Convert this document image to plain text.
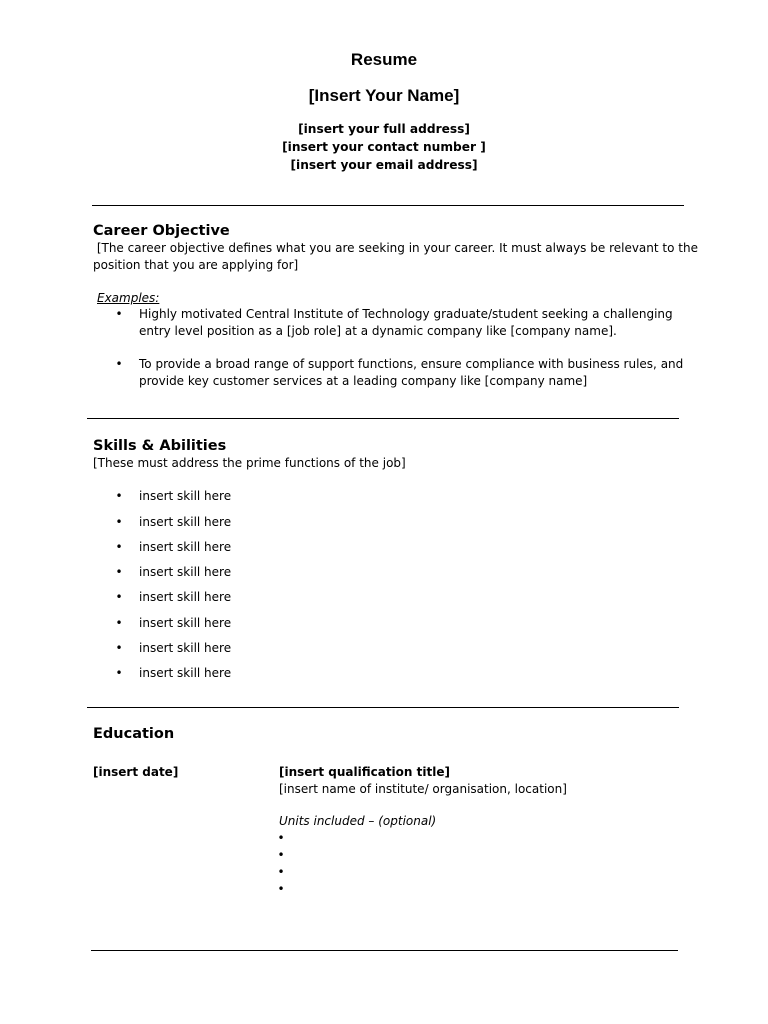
Resume
[Insert Your Name]
[insert your full address]
[insert your contact number ]
[insert your email address]
Career Objective
[The career objective defines what you are seeking in your career. It must always be relevant to the
position that you are applying for]
Examples:
• Highly motivated Central Institute of Technology graduate/student seeking a challenging
entry level position as a [job role] at a dynamic company like [company name].
• To provide a broad range of support functions, ensure compliance with business rules, and
provide key customer services at a leading company like [company name]
Skills & Abilities
[These must address the prime functions of the job]
• insert skill here
• insert skill here
• insert skill here
• insert skill here
• insert skill here
• insert skill here
• insert skill here
• insert skill here
Education
[insert date]	[insert qualification title]
[insert name of institute/ organisation, location]
Units included – (optional)
•
•
•
•
